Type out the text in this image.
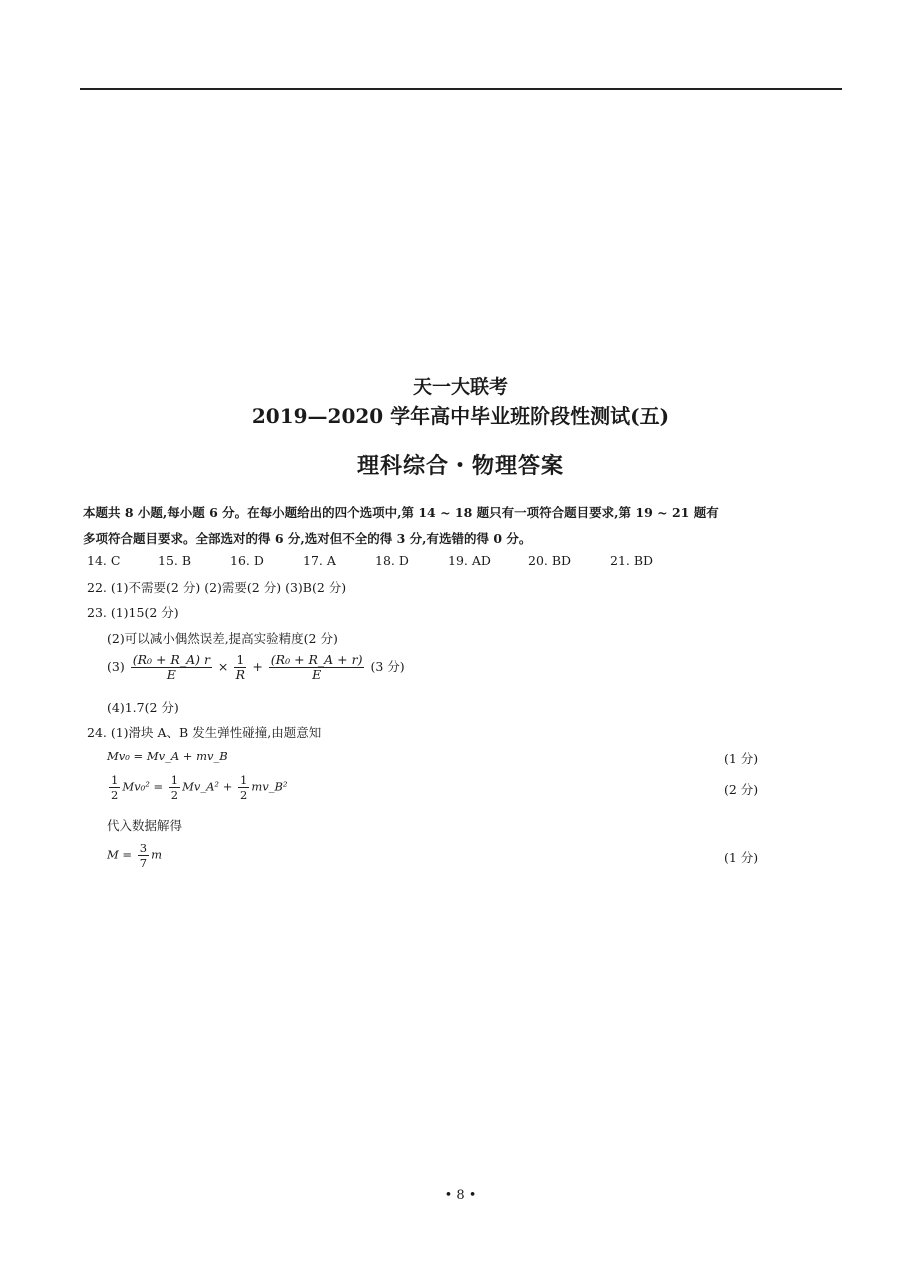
天一大联考
2019—2020 学年高中毕业班阶段性测试(五)
理科综合・物理答案
本题共 8 小题,每小题 6 分。在每小题给出的四个选项中,第 14 ~ 18 题只有一项符合题目要求,第 19 ~ 21 题有
多项符合题目要求。全部选对的得 6 分,选对但不全的得 3 分,有选错的得 0 分。
14. C	15. B	16. D	17. A	18. D	19. AD	20. BD	21. BD
22. (1)不需要(2 分) (2)需要(2 分) (3)B(2 分)
23. (1)15(2 分)
(2)可以减小偶然误差,提高实验精度(2 分)
$(3) \frac{\text{(R₀ + R\_A) r}}{E} \times \frac{1}{R} + \frac{\text{(R₀ + R\_A + r)}}{E} (3$ 分)
(4)1.7(2 分)
24. (1)滑块 A、B 发生弹性碰撞,由题意知
Mv₀ = Mv_A + mv_B	(1 分)
$\frac{1}{2} Mv_0^2 = \frac{1}{2}$ Mv_A² + $\frac{1}{2}$ mv_B²	(2 分)
代入数据解得
$M = \frac{3}{7}$ m	(1 分)
• 8 •
